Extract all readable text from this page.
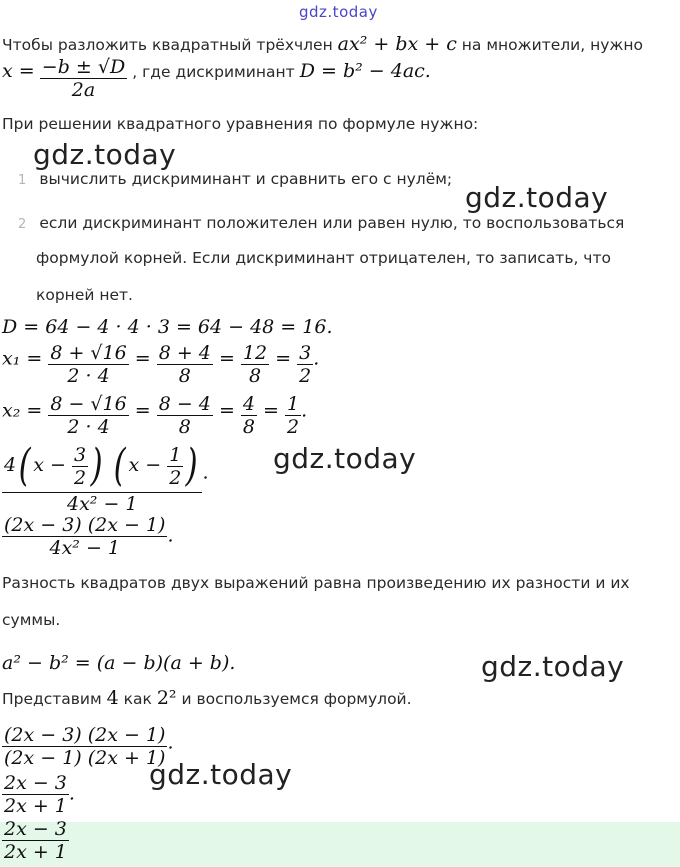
gdz.today
Чтобы разложить квадратный трёхчлен ax² + bx + c на множители, нужно
$x = \frac{-b \pm √D}{2a}$ , где дискриминант D = b² − 4ac.
При решении квадратного уравнения по формуле нужно:
gdz.today
1 вычислить дискриминант и сравнить его с нулём;
gdz.today
2 если дискриминант положителен или равен нулю, то воспользоваться
формулой корней. Если дискриминант отрицателен, то записать, что
корней нет.
D = 64 − 4 · 4 · 3 = 64 − 48 = 16.
$x_1 = \frac{8 + √16}{2 \cdot 4} = \frac{8 + 4}{8} = \frac{12}{8} = \frac{3}{2}$ .
$x_2 = \frac{8 - √16}{2 \cdot 4} = \frac{8 - 4}{8} = \frac{4}{8} = \frac{1}{2}$ .
gdz.today
$\frac{4( x - \frac{3}{2} ) ( x - \frac{1}{2} )}{\text{4x² − 1}}$ .
$\frac{(2x - 3) (2x - 1)}{\text{4x² − 1}}$ .
Разность квадратов двух выражений равна произведению их разности и их
суммы.
a² − b² = (a − b)(a + b).	gdz.today
Представим 4 как 2² и воспользуемся формулой.
$\frac{(2x - 3) (2x - 1)}{(2x - 1) (2x + 1)}$ .
gdz.today
$\frac{2x - 3}{2x + 1}$ .
$\frac{2x - 3}{2x + 1}$
